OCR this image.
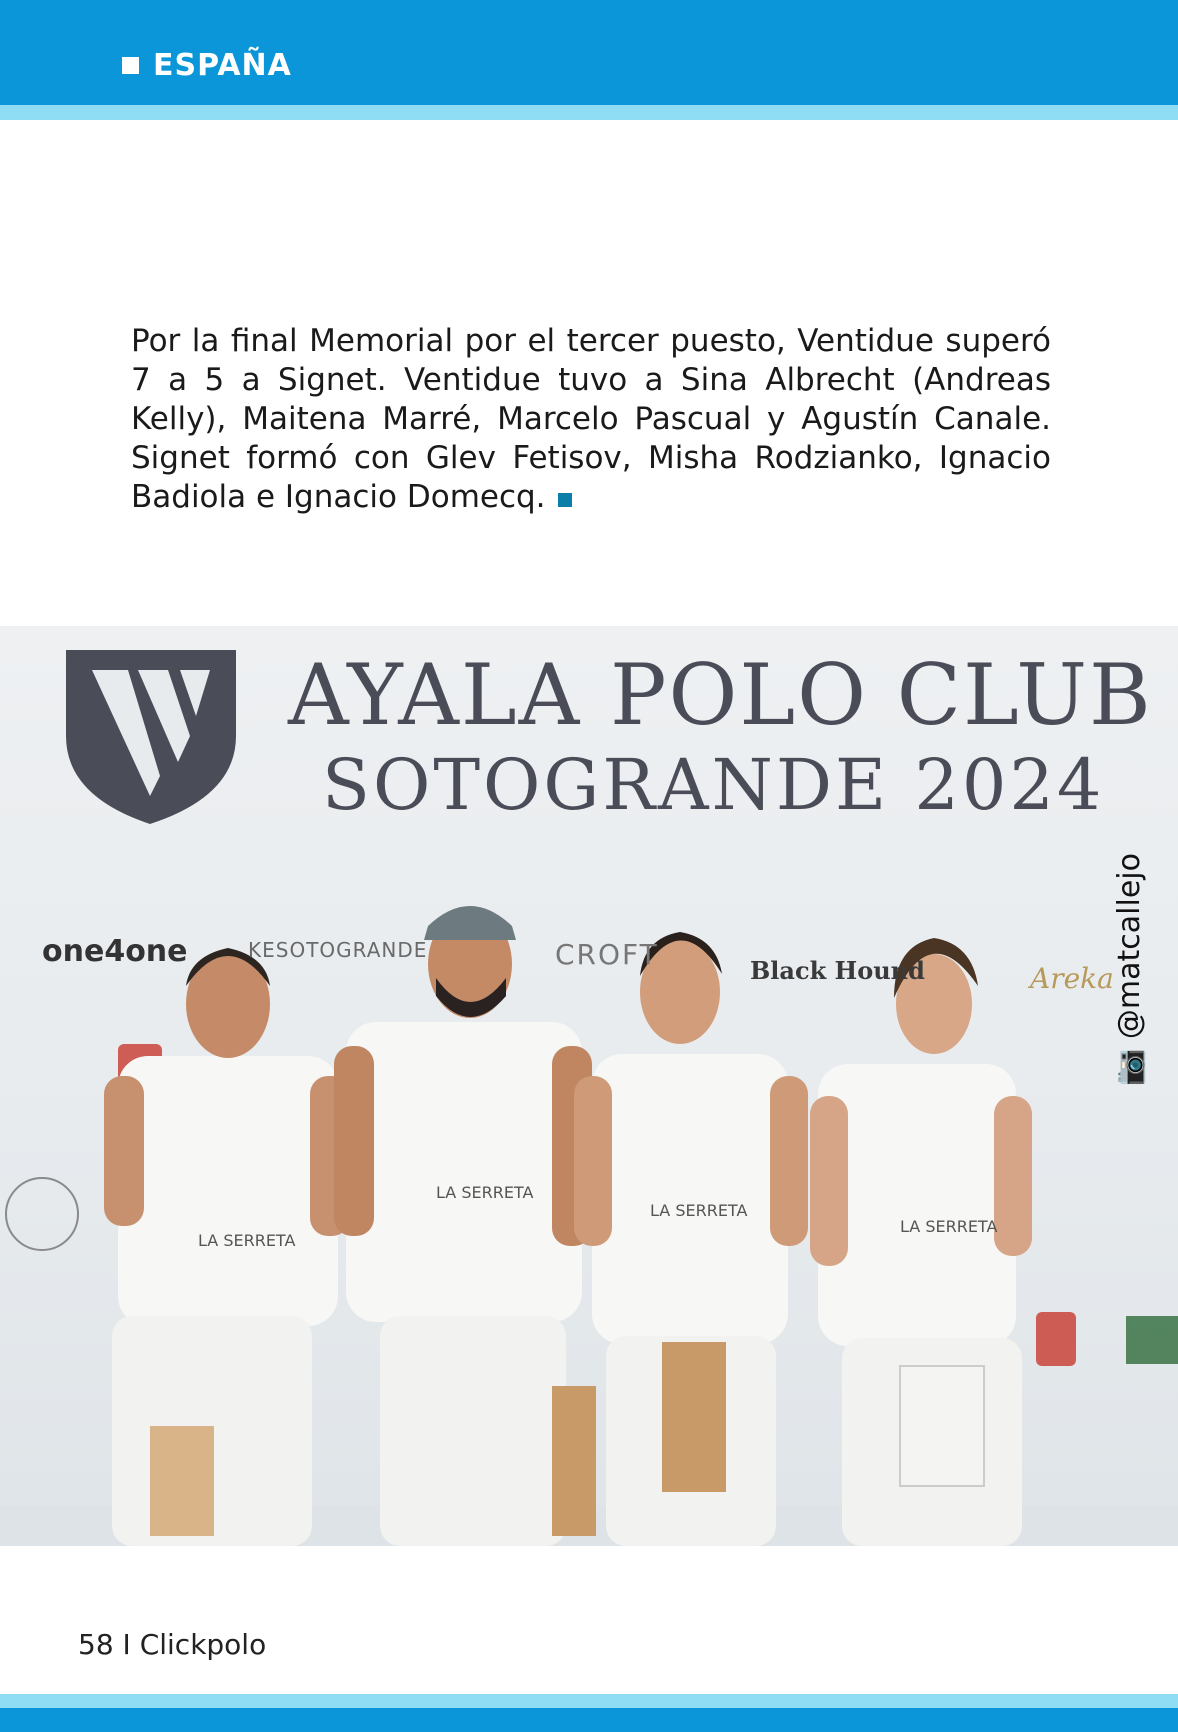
ESPAÑA
Por la final Memorial por el tercer puesto, Ventidue superó 7 a 5 a Signet. Ventidue tuvo a Sina Albrecht (Andreas Kelly), Maitena Marré, Marcelo Pascual y Agustín Canale. Signet formó con Glev Fetisov, Misha Rodzianko, Ignacio Badiola e Ignacio Domecq.
LA SERRETA
LA SERRETA
LA SERRETA
LA SERRETA
AYALA POLO CLUB
SOTOGRANDE 2024
one4one	KESOTOGRANDE	CROFT	Black Hound	Areka
📷 @matcallejo
58 I Clickpolo
